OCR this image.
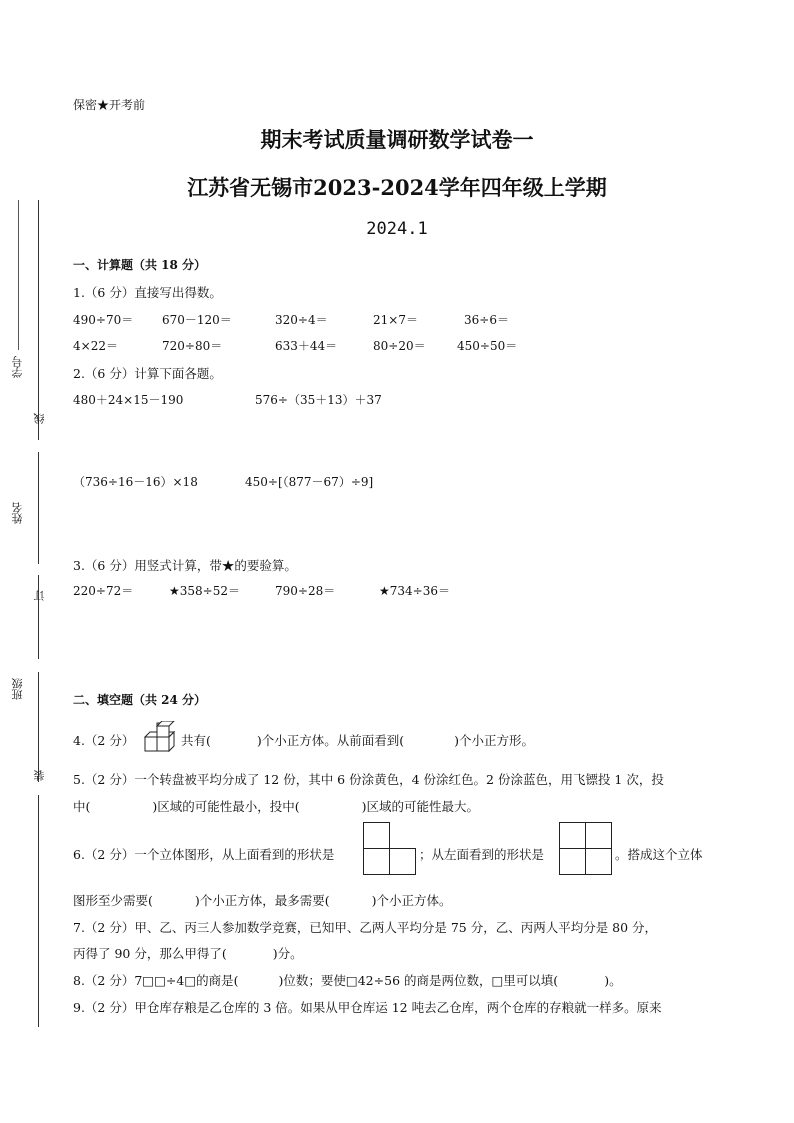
学号
线
姓名
订
班级
装
保密★开考前
期末考试质量调研数学试卷一
江苏省无锡市2023-2024学年四年级上学期
2024.1
一、计算题（共 18 分）
1.（6 分）直接写出得数。
490÷70＝ 670－120＝	320÷4＝	21×7＝	36÷6＝
4×22＝	720÷80＝	633＋44＝	80÷20＝	450÷50＝
2.（6 分）计算下面各题。
480＋24×15－190	576÷（35＋13）＋37
（736÷16－16）×18	450÷[（877－67）÷9]
3.（6 分）用竖式计算，带★的要验算。
220÷72＝	★358÷52＝	790÷28＝	★734÷36＝
二、填空题（共 24 分）
4.（2 分）	共有(	)个小正方体。从前面看到(	)个小正方形。
5.（2 分）一个转盘被平均分成了 12 份，其中 6 份涂黄色，4 份涂红色。2 份涂蓝色，用飞镖投 1 次，投
中(	)区域的可能性最小，投中(	)区域的可能性最大。
6.（2 分）一个立体图形，从上面看到的形状是	；从左面看到的形状是	。搭成这个立体
图形至少需要(	)个小正方体，最多需要(	)个小正方体。
7.（2 分）甲、乙、丙三人参加数学竞赛，已知甲、乙两人平均分是 75 分，乙、丙两人平均分是 80 分，
丙得了 90 分，那么甲得了(	)分。
8.（2 分）7□□÷4□的商是(	)位数；要使□42÷56 的商是两位数，□里可以填(	)。
9.（2 分）甲仓库存粮是乙仓库的 3 倍。如果从甲仓库运 12 吨去乙仓库，两个仓库的存粮就一样多。原来
